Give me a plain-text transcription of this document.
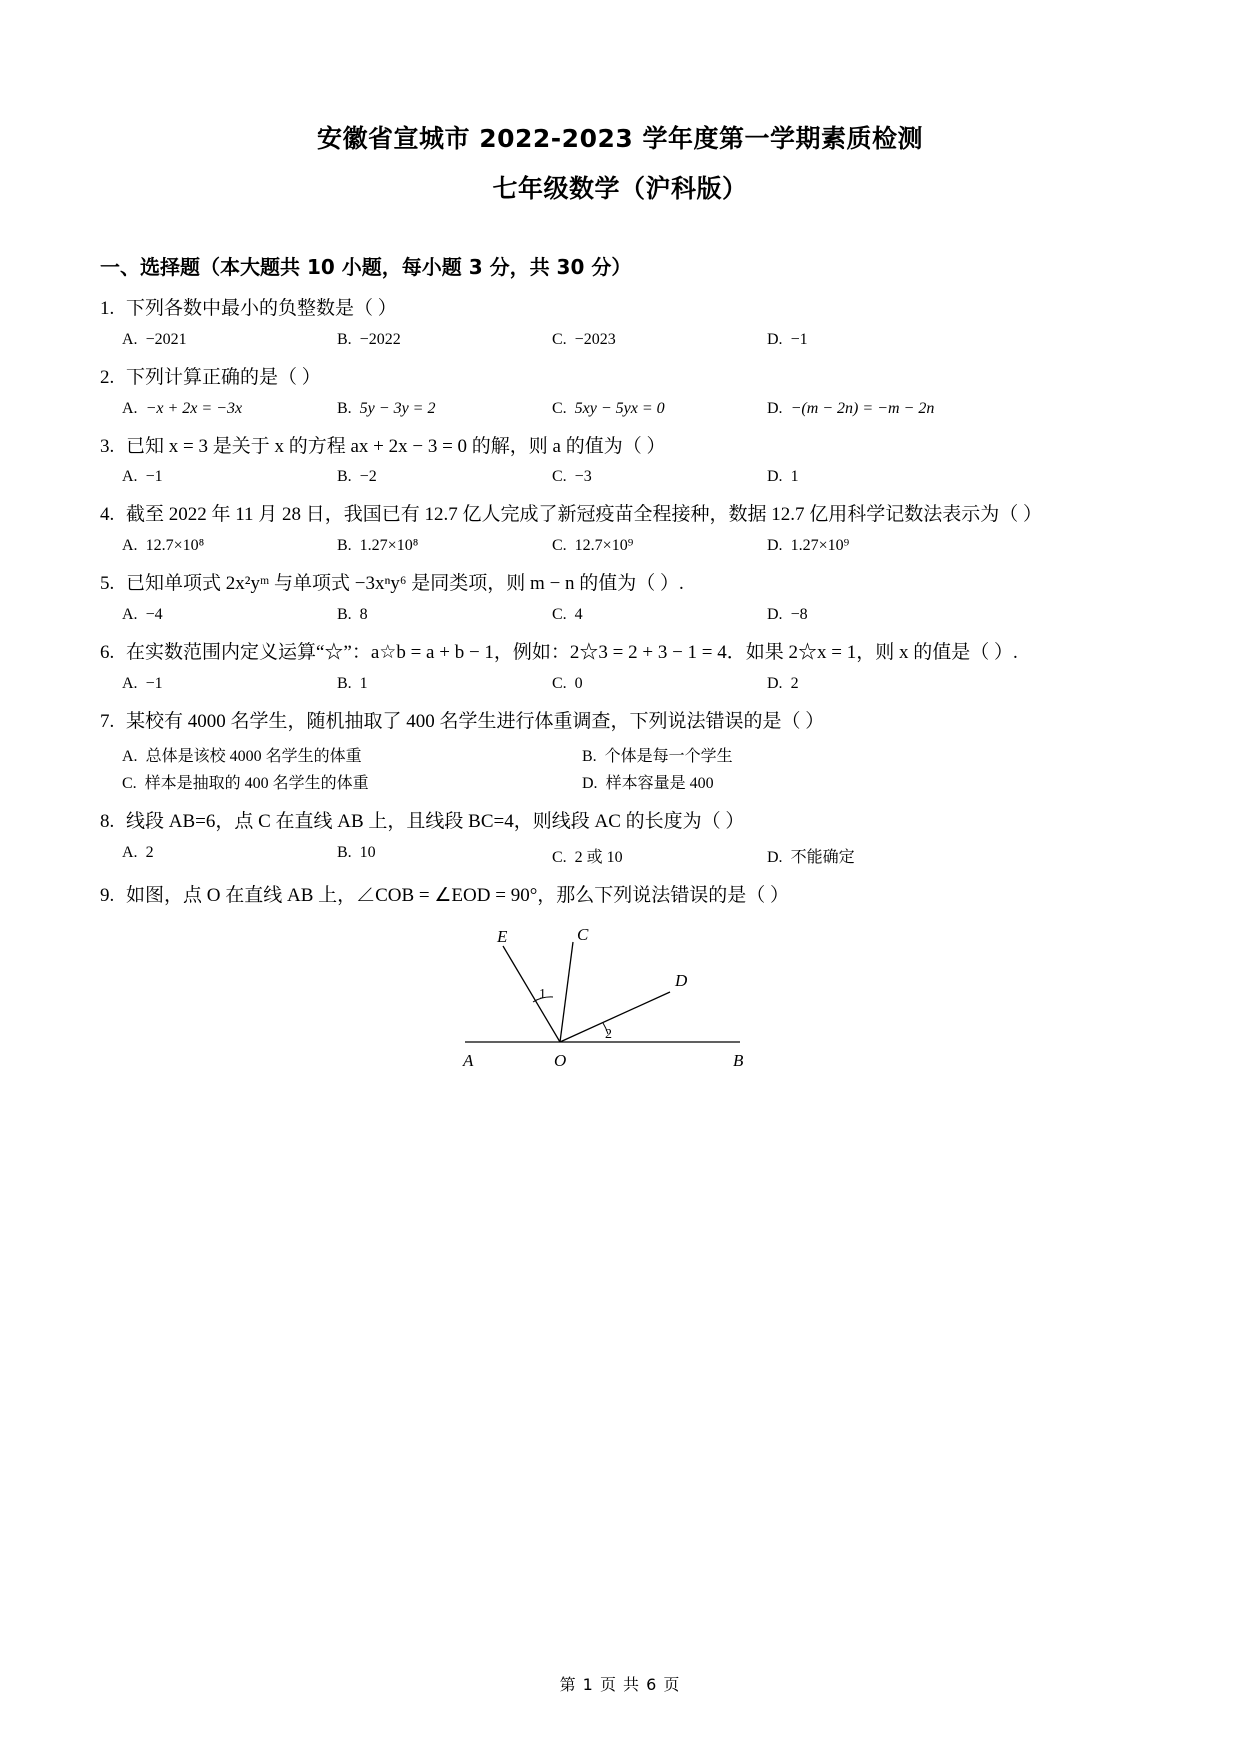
安徽省宣城市 2022-2023 学年度第一学期素质检测
七年级数学（沪科版）
一、选择题（本大题共 10 小题，每小题 3 分，共 30 分）
1. 下列各数中最小的负整数是（ ）
A. −2021	B. −2022	C. −2023	D. −1
2. 下列计算正确的是（ ）
A. −x + 2x = −3x	B. 5y − 3y = 2	C. 5xy − 5yx = 0	D. −(m − 2n) = −m − 2n
3. 已知 x = 3 是关于 x 的方程 ax + 2x − 3 = 0 的解，则 a 的值为（ ）
A. −1	B. −2	C. −3	D. 1
4. 截至 2022 年 11 月 28 日，我国已有 12.7 亿人完成了新冠疫苗全程接种，数据 12.7 亿用科学记数法表示为（ ）
A. 12.7×10⁸	B. 1.27×10⁸	C. 12.7×10⁹	D. 1.27×10⁹
5. 已知单项式 2x²yᵐ 与单项式 −3xⁿy⁶ 是同类项，则 m − n 的值为（ ）.
A. −4	B. 8	C. 4	D. −8
6. 在实数范围内定义运算“☆”：a☆b = a + b − 1，例如：2☆3 = 2 + 3 − 1 = 4．如果 2☆x = 1，则 x 的值是（ ）.
A. −1	B. 1	C. 0	D. 2
7. 某校有 4000 名学生，随机抽取了 400 名学生进行体重调查，下列说法错误的是（ ）
A. 总体是该校 4000 名学生的体重	B. 个体是每一个学生
C. 样本是抽取的 400 名学生的体重	D. 样本容量是 400
8. 线段 AB=6，点 C 在直线 AB 上，且线段 BC=4，则线段 AC 的长度为（ ）
A. 2	B. 10	C. 2 或 10	D. 不能确定
9. 如图，点 O 在直线 AB 上，∠COB = ∠EOD = 90°，那么下列说法错误的是（ ）
E	C
D
A	O	B
1
2
第 1 页 共 6 页
